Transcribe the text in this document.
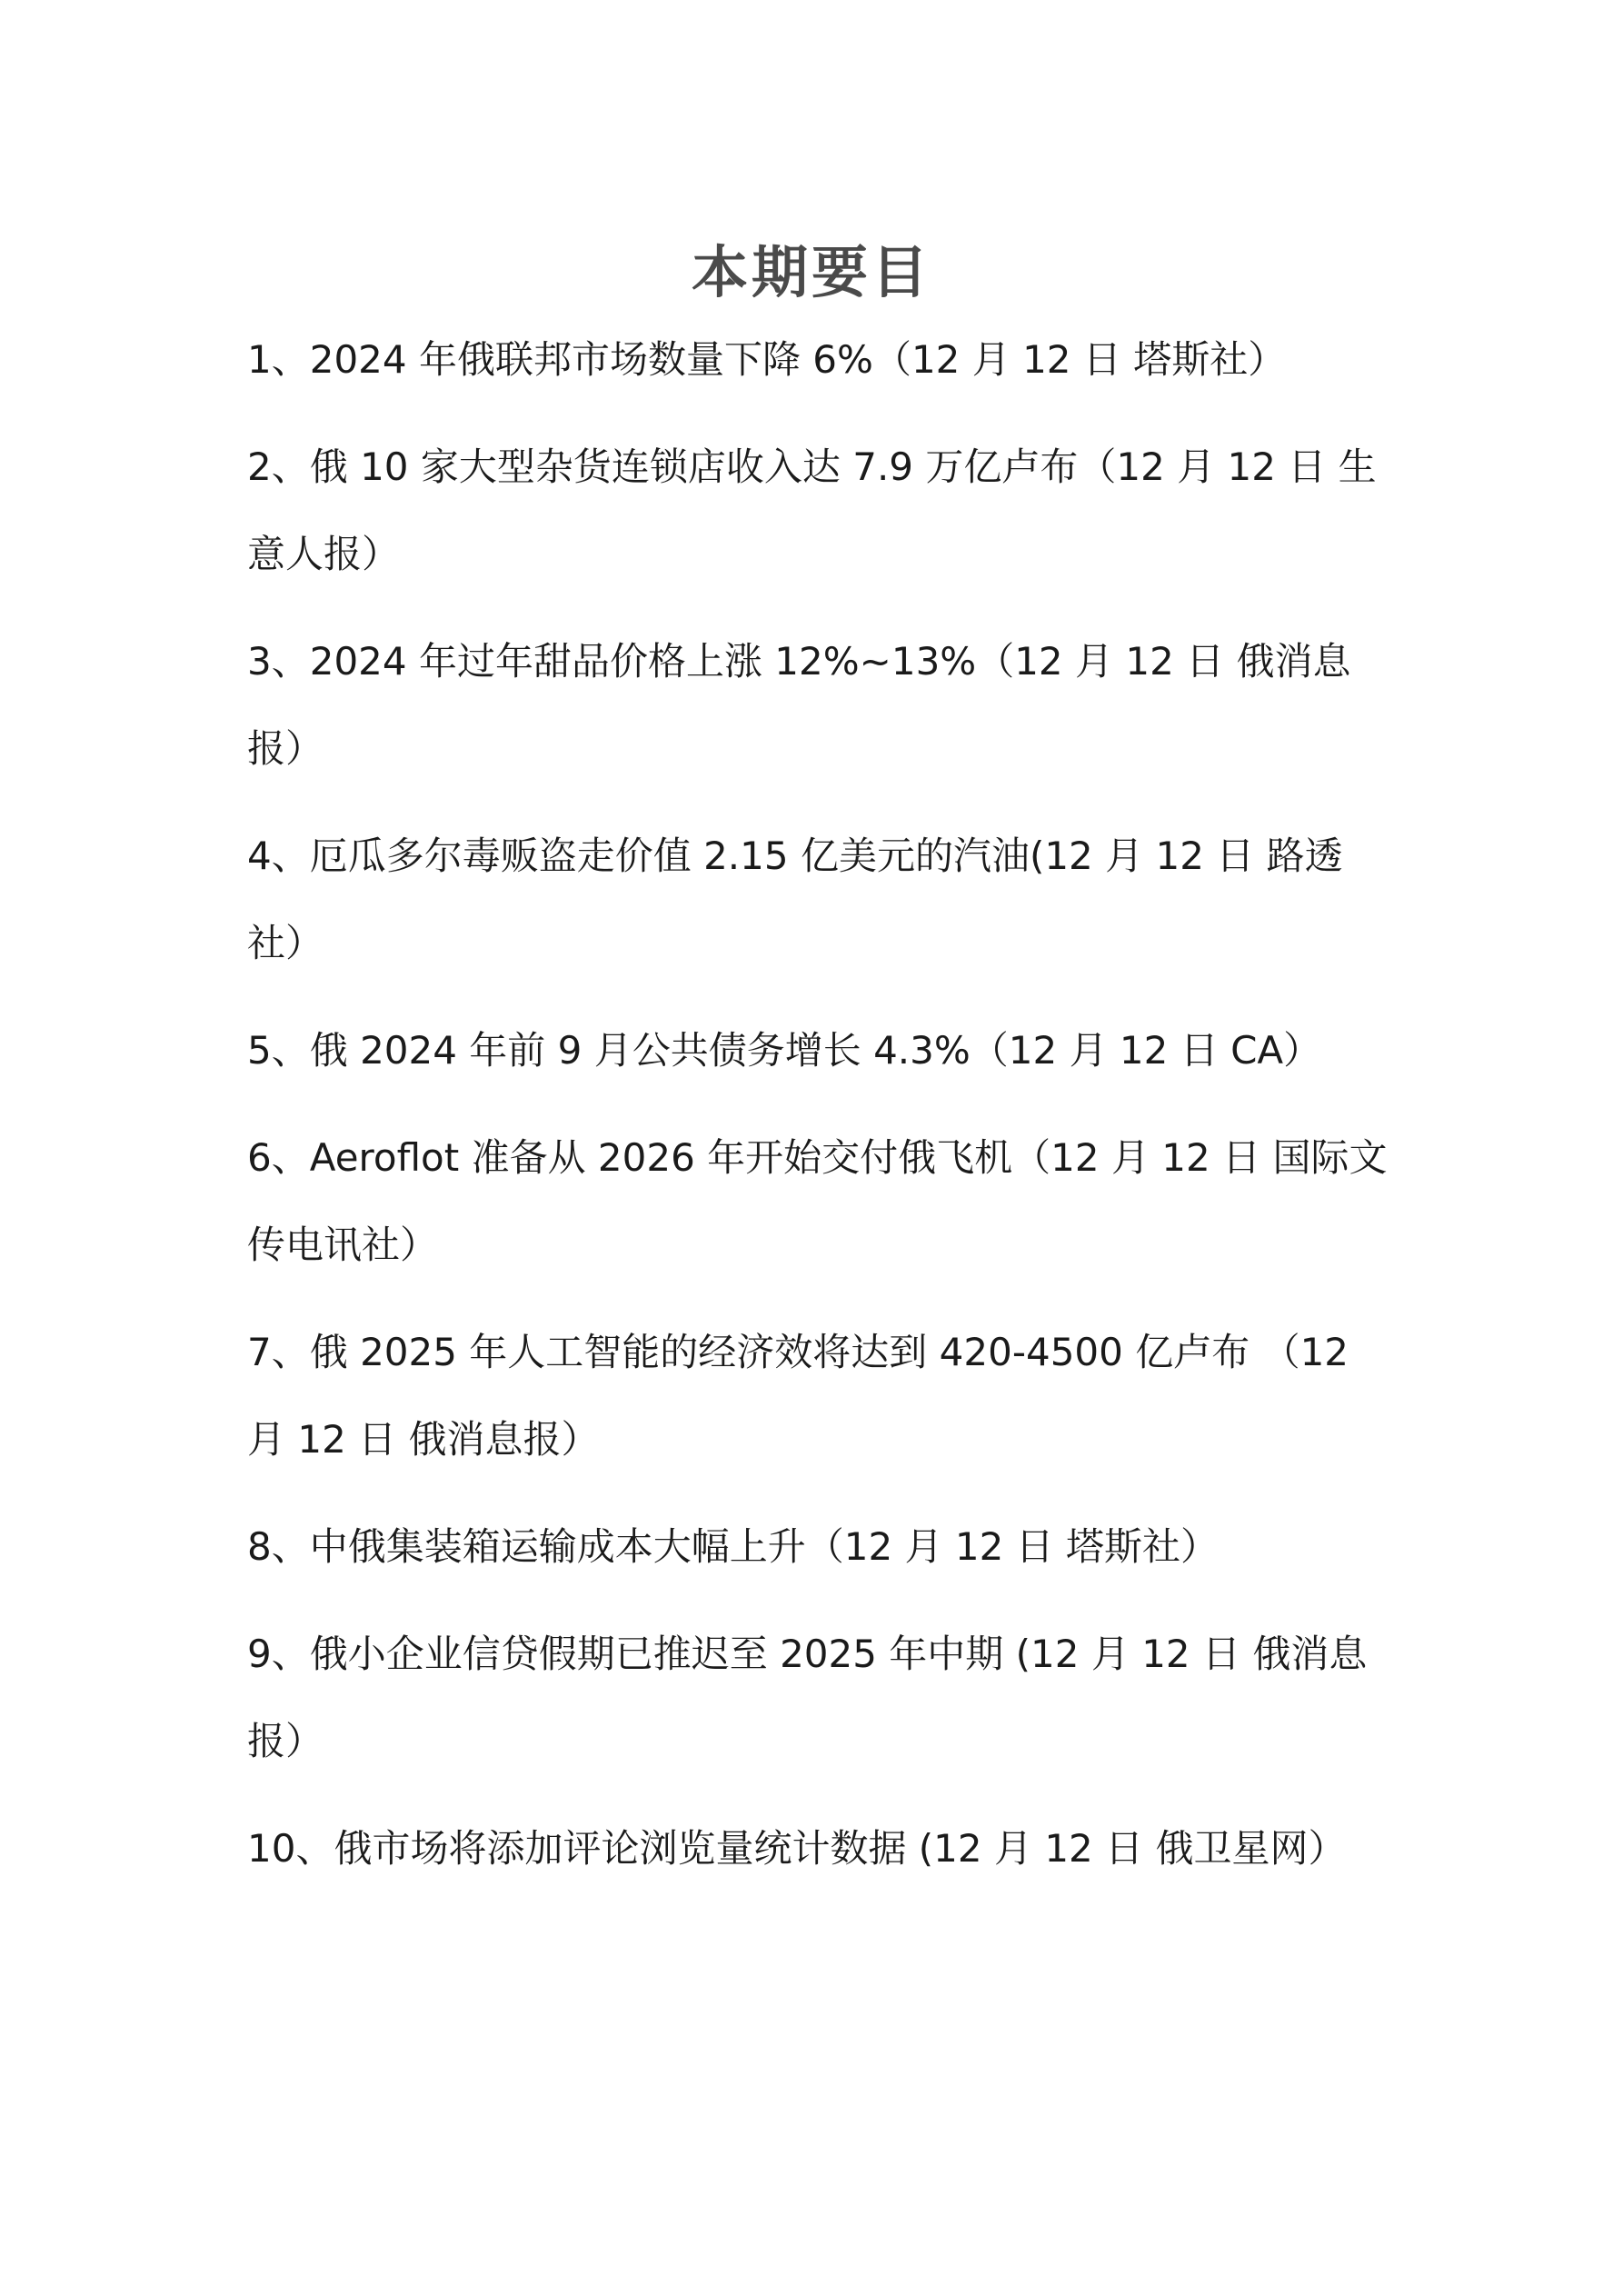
本期要目
1、2024 年俄联邦市场数量下降 6%（12 月 12 日 塔斯社）
2、俄 10 家大型杂货连锁店收入达 7.9 万亿卢布（12 月 12 日 生意人报）
3、2024 年过年甜品价格上涨 12%~13%（12 月 12 日 俄消息报）
4、厄瓜多尔毒贩盗走价值 2.15 亿美元的汽油(12 月 12 日 路透社）
5、俄 2024 年前 9 月公共债务增长 4.3%（12 月 12 日 CA）
6、Aeroflot 准备从 2026 年开始交付俄飞机（12 月 12 日 国际文传电讯社）
7、俄 2025 年人工智能的经济效将达到 420-4500 亿卢布 （12 月 12 日 俄消息报）
8、中俄集装箱运输成本大幅上升（12 月 12 日 塔斯社）
9、俄小企业信贷假期已推迟至 2025 年中期 (12 月 12 日 俄消息报）
10、俄市场将添加评论浏览量统计数据 (12 月 12 日 俄卫星网）
